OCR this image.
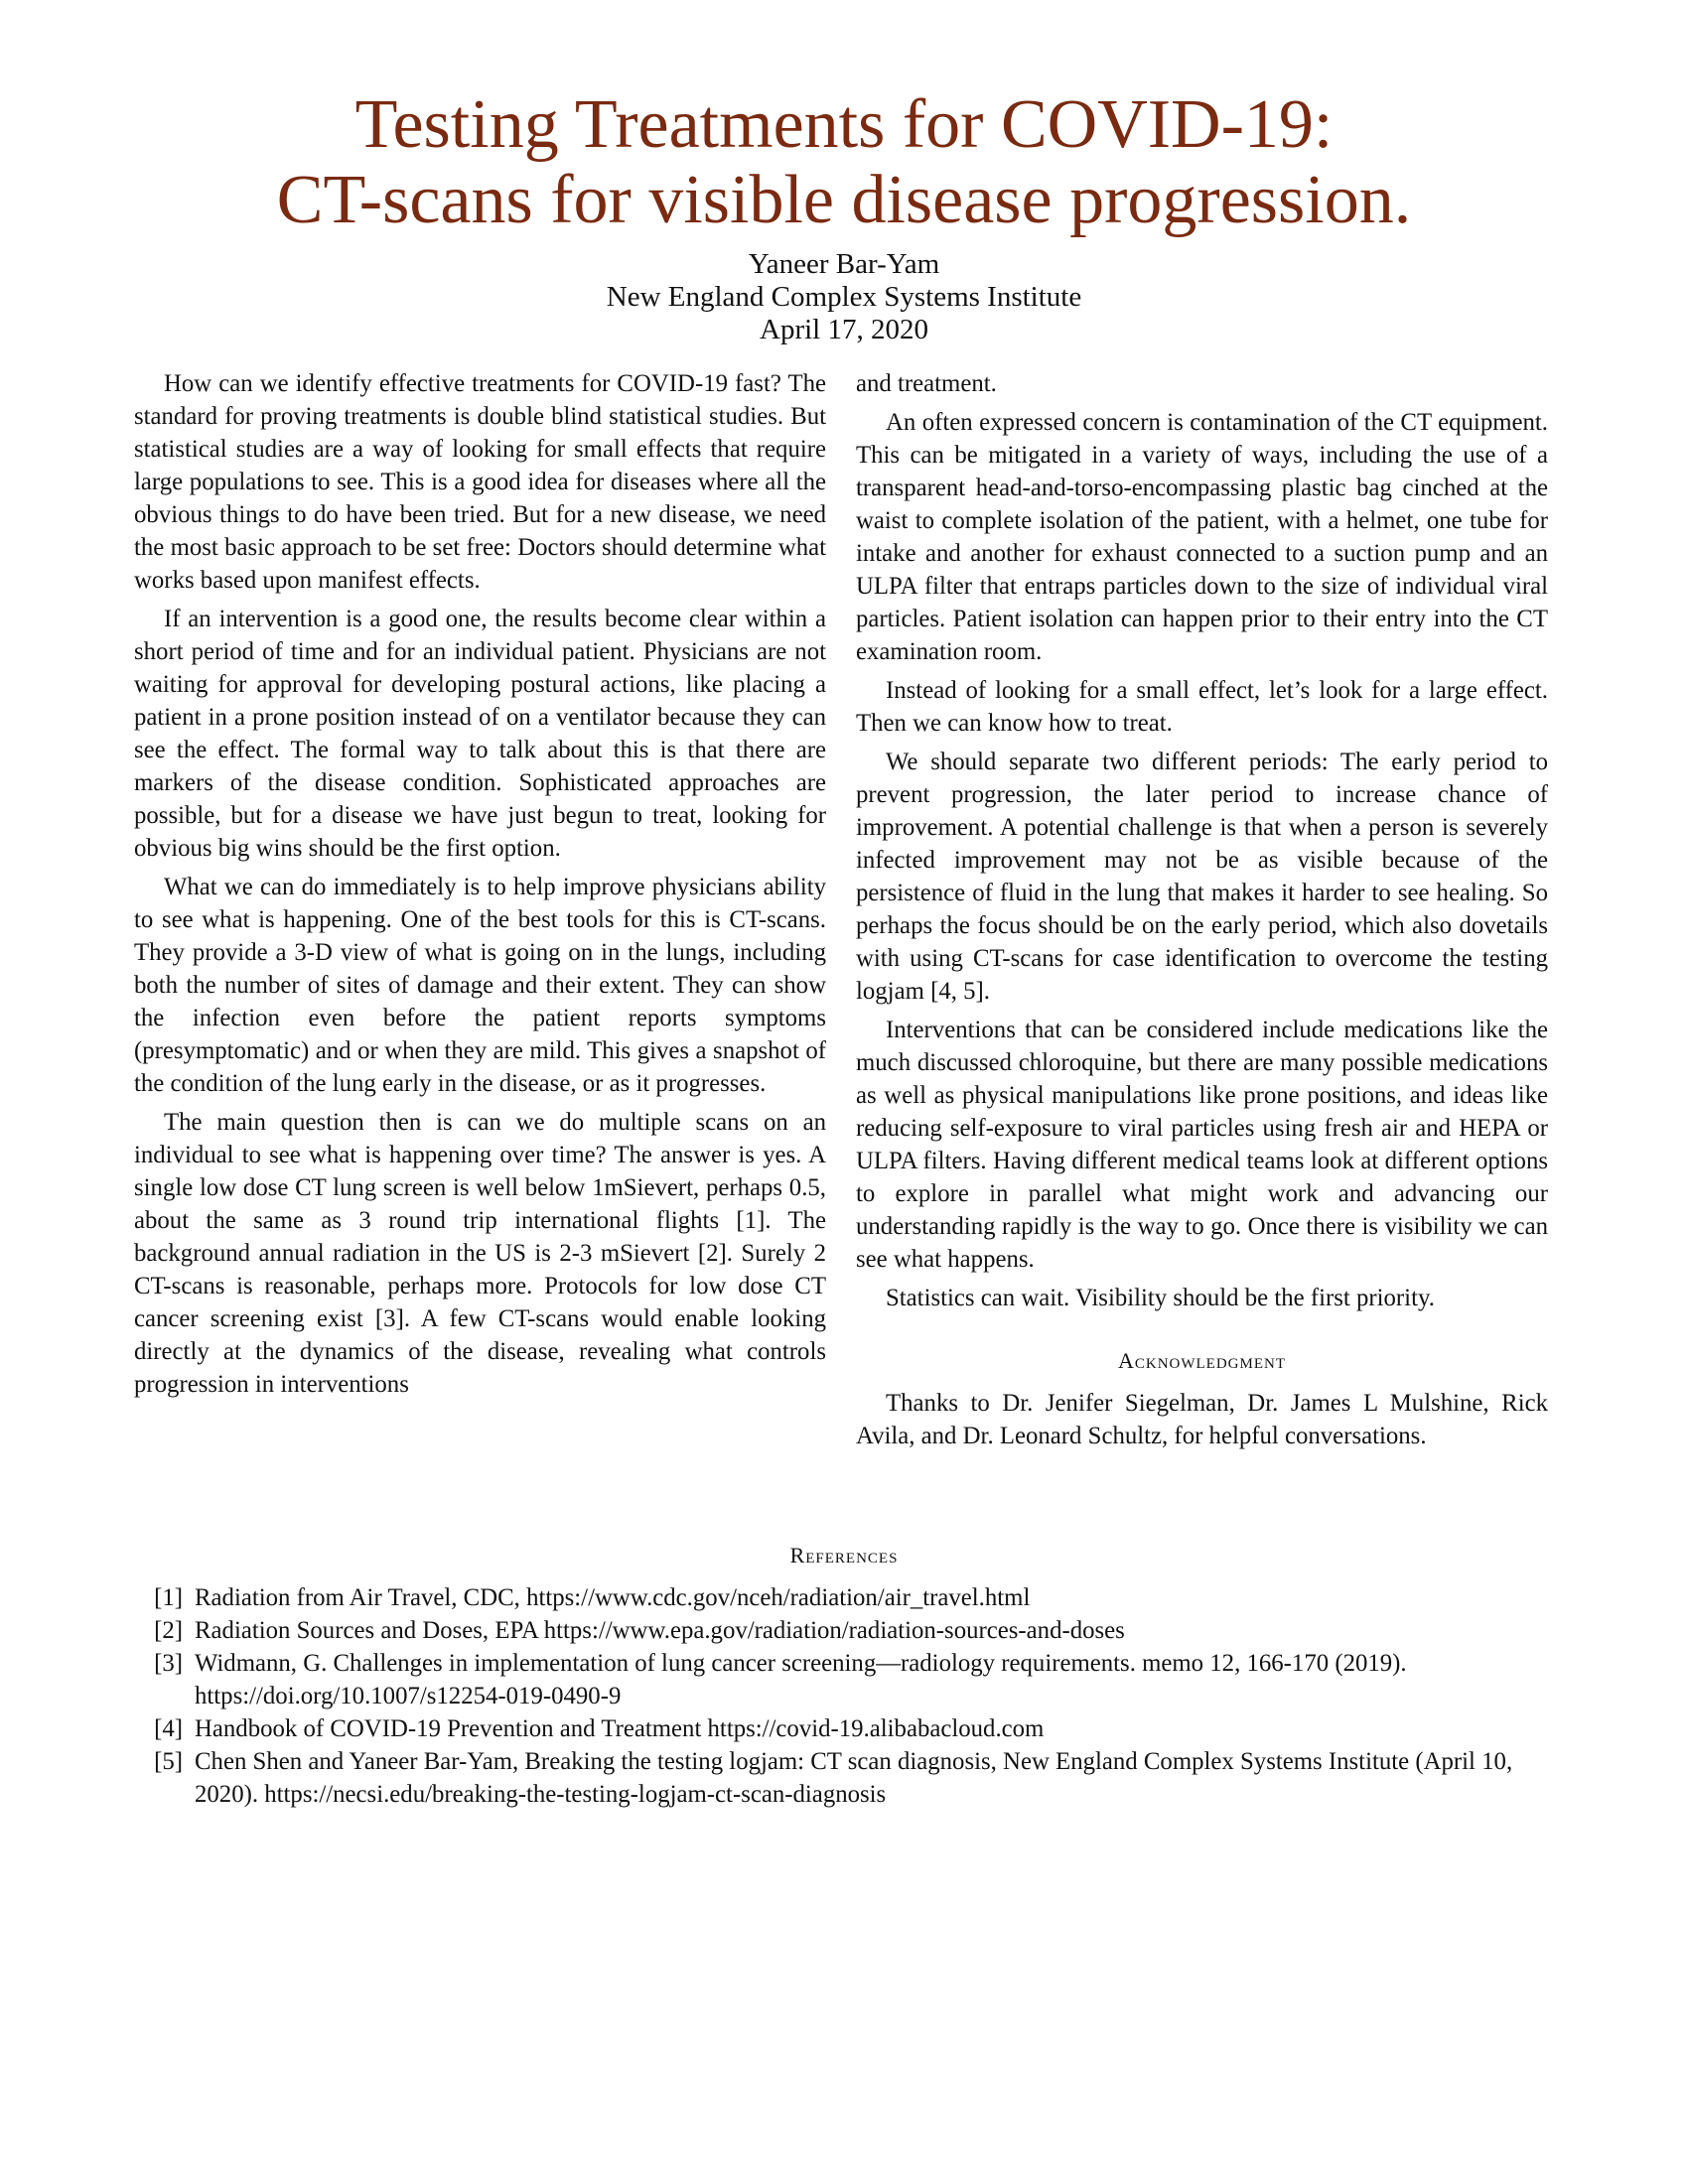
Testing Treatments for COVID-19:
CT-scans for visible disease progression.
Yaneer Bar-Yam
New England Complex Systems Institute
April 17, 2020

How can we identify effective treatments for COVID-19 fast? The standard for proving treatments is double blind statistical studies. But statistical studies are a way of looking for small effects that require large populations to see. This is a good idea for diseases where all the obvious things to do have been tried. But for a new disease, we need the most basic approach to be set free: Doctors should determine what works based upon manifest effects.

If an intervention is a good one, the results become clear within a short period of time and for an individual patient. Physicians are not waiting for approval for developing postural actions, like placing a patient in a prone position instead of on a ventilator because they can see the effect. The formal way to talk about this is that there are markers of the disease condition. Sophisticated approaches are possible, but for a disease we have just begun to treat, looking for obvious big wins should be the first option.

What we can do immediately is to help improve physicians ability to see what is happening. One of the best tools for this is CT-scans. They provide a 3-D view of what is going on in the lungs, including both the number of sites of damage and their extent. They can show the infection even before the patient reports symptoms (presymptomatic) and or when they are mild. This gives a snapshot of the condition of the lung early in the disease, or as it progresses.

The main question then is can we do multiple scans on an individual to see what is happening over time? The answer is yes. A single low dose CT lung screen is well below 1mSievert, perhaps 0.5, about the same as 3 round trip international flights [1]. The background annual radiation in the US is 2-3 mSievert [2]. Surely 2 CT-scans is reasonable, perhaps more. Protocols for low dose CT cancer screening exist [3]. A few CT-scans would enable looking directly at the dynamics of the disease, revealing what controls progression in interventions

and treatment.

An often expressed concern is contamination of the CT equipment. This can be mitigated in a variety of ways, including the use of a transparent head-and-torso-encompassing plastic bag cinched at the waist to complete isolation of the patient, with a helmet, one tube for intake and another for exhaust connected to a suction pump and an ULPA filter that entraps particles down to the size of individual viral particles. Patient isolation can happen prior to their entry into the CT examination room.

Instead of looking for a small effect, let’s look for a large effect. Then we can know how to treat.

We should separate two different periods: The early period to prevent progression, the later period to increase chance of improvement. A potential challenge is that when a person is severely infected improvement may not be as visible because of the persistence of fluid in the lung that makes it harder to see healing. So perhaps the focus should be on the early period, which also dovetails with using CT-scans for case identification to overcome the testing logjam [4, 5].

Interventions that can be considered include medications like the much discussed chloroquine, but there are many possible medications as well as physical manipulations like prone positions, and ideas like reducing self-exposure to viral particles using fresh air and HEPA or ULPA filters. Having different medical teams look at different options to explore in parallel what might work and advancing our understanding rapidly is the way to go. Once there is visibility we can see what happens.

Statistics can wait. Visibility should be the first priority.

Acknowledgment

Thanks to Dr. Jenifer Siegelman, Dr. James L Mulshine, Rick Avila, and Dr. Leonard Schultz, for helpful conversations.

References
[1] Radiation from Air Travel, CDC, https://www.cdc.gov/nceh/radiation/air_travel.html
[2] Radiation Sources and Doses, EPA https://www.epa.gov/radiation/radiation-sources-and-doses
[3] Widmann, G. Challenges in implementation of lung cancer screening—radiology requirements. memo 12, 166-170 (2019). https://doi.org/10.1007/s12254-019-0490-9
[4] Handbook of COVID-19 Prevention and Treatment https://covid-19.alibabacloud.com
[5] Chen Shen and Yaneer Bar-Yam, Breaking the testing logjam: CT scan diagnosis, New England Complex Systems Institute (April 10, 2020). https://necsi.edu/breaking-the-testing-logjam-ct-scan-diagnosis
